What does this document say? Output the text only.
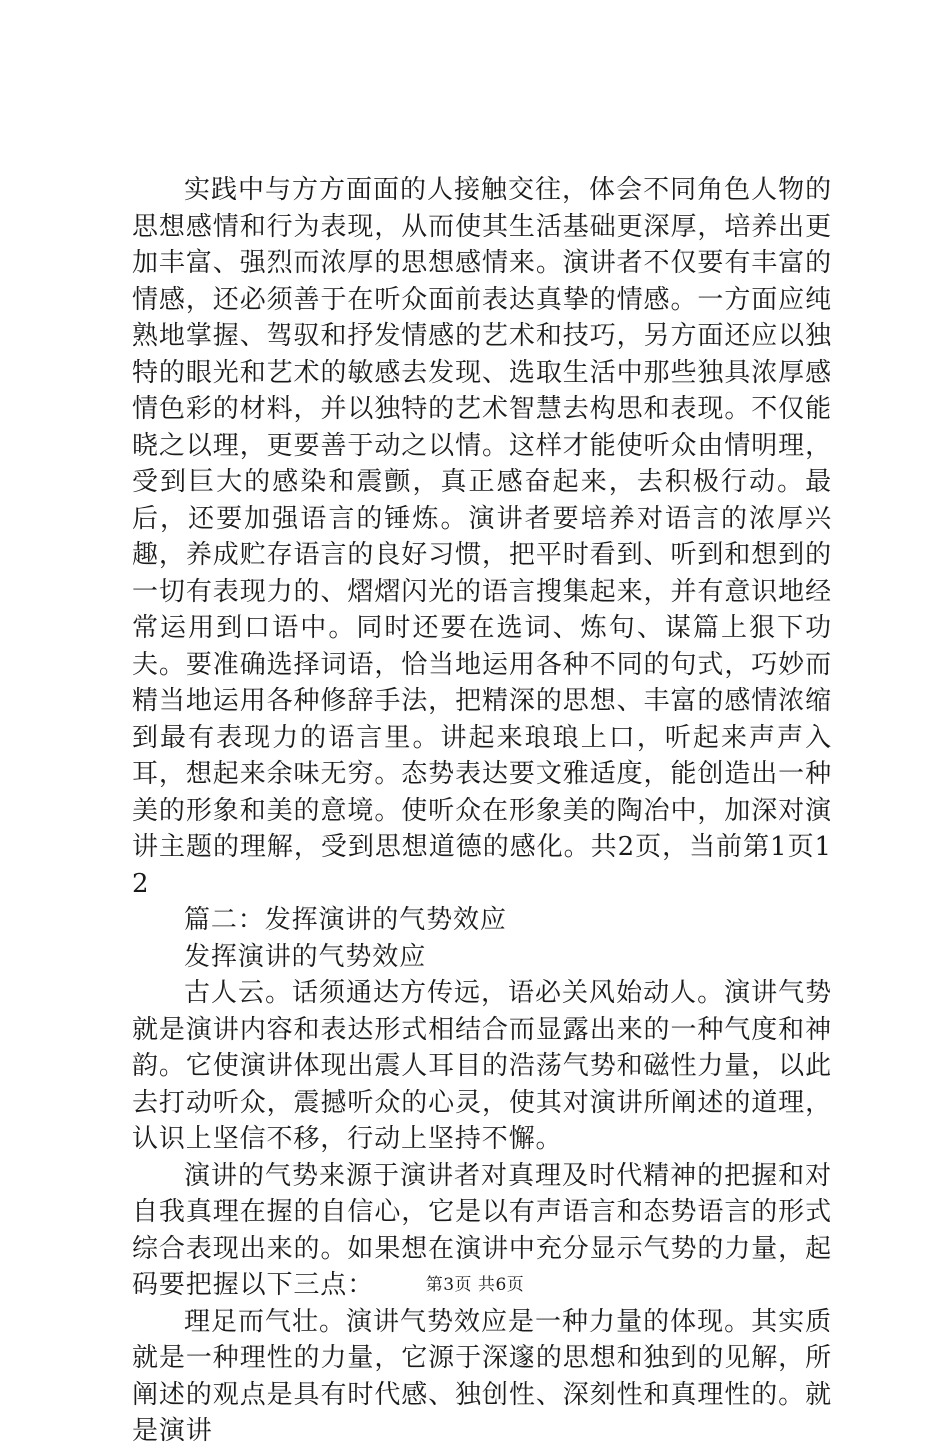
实践中与方方面面的人接触交往，体会不同角色人物的思想感情和行为表现，从而使其生活基础更深厚，培养出更加丰富、强烈而浓厚的思想感情来。演讲者不仅要有丰富的情感，还必须善于在听众面前表达真挚的情感。一方面应纯熟地掌握、驾驭和抒发情感的艺术和技巧，另方面还应以独特的眼光和艺术的敏感去发现、选取生活中那些独具浓厚感情色彩的材料，并以独特的艺术智慧去构思和表现。不仅能晓之以理，更要善于动之以情。这样才能使听众由情明理，受到巨大的感染和震颤，真正感奋起来，去积极行动。最后，还要加强语言的锤炼。演讲者要培养对语言的浓厚兴趣，养成贮存语言的良好习惯，把平时看到、听到和想到的一切有表现力的、熠熠闪光的语言搜集起来，并有意识地经常运用到口语中。同时还要在选词、炼句、谋篇上狠下功夫。要准确选择词语，恰当地运用各种不同的句式，巧妙而精当地运用各种修辞手法，把精深的思想、丰富的感情浓缩到最有表现力的语言里。讲起来琅琅上口，听起来声声入耳，想起来余味无穷。态势表达要文雅适度，能创造出一种美的形象和美的意境。使听众在形象美的陶冶中，加深对演讲主题的理解，受到思想道德的感化。共2页，当前第1页12

篇二：发挥演讲的气势效应

发挥演讲的气势效应

古人云。话须通达方传远，语必关风始动人。演讲气势就是演讲内容和表达形式相结合而显露出来的一种气度和神韵。它使演讲体现出震人耳目的浩荡气势和磁性力量，以此去打动听众，震撼听众的心灵，使其对演讲所阐述的道理，认识上坚信不移，行动上坚持不懈。

演讲的气势来源于演讲者对真理及时代精神的把握和对自我真理在握的自信心，它是以有声语言和态势语言的形式综合表现出来的。如果想在演讲中充分显示气势的力量，起码要把握以下三点：

理足而气壮。演讲气势效应是一种力量的体现。其实质就是一种理性的力量，它源于深邃的思想和独到的见解，所阐述的观点是具有时代感、独创性、深刻性和真理性的。就是演讲

第3页 共6页
